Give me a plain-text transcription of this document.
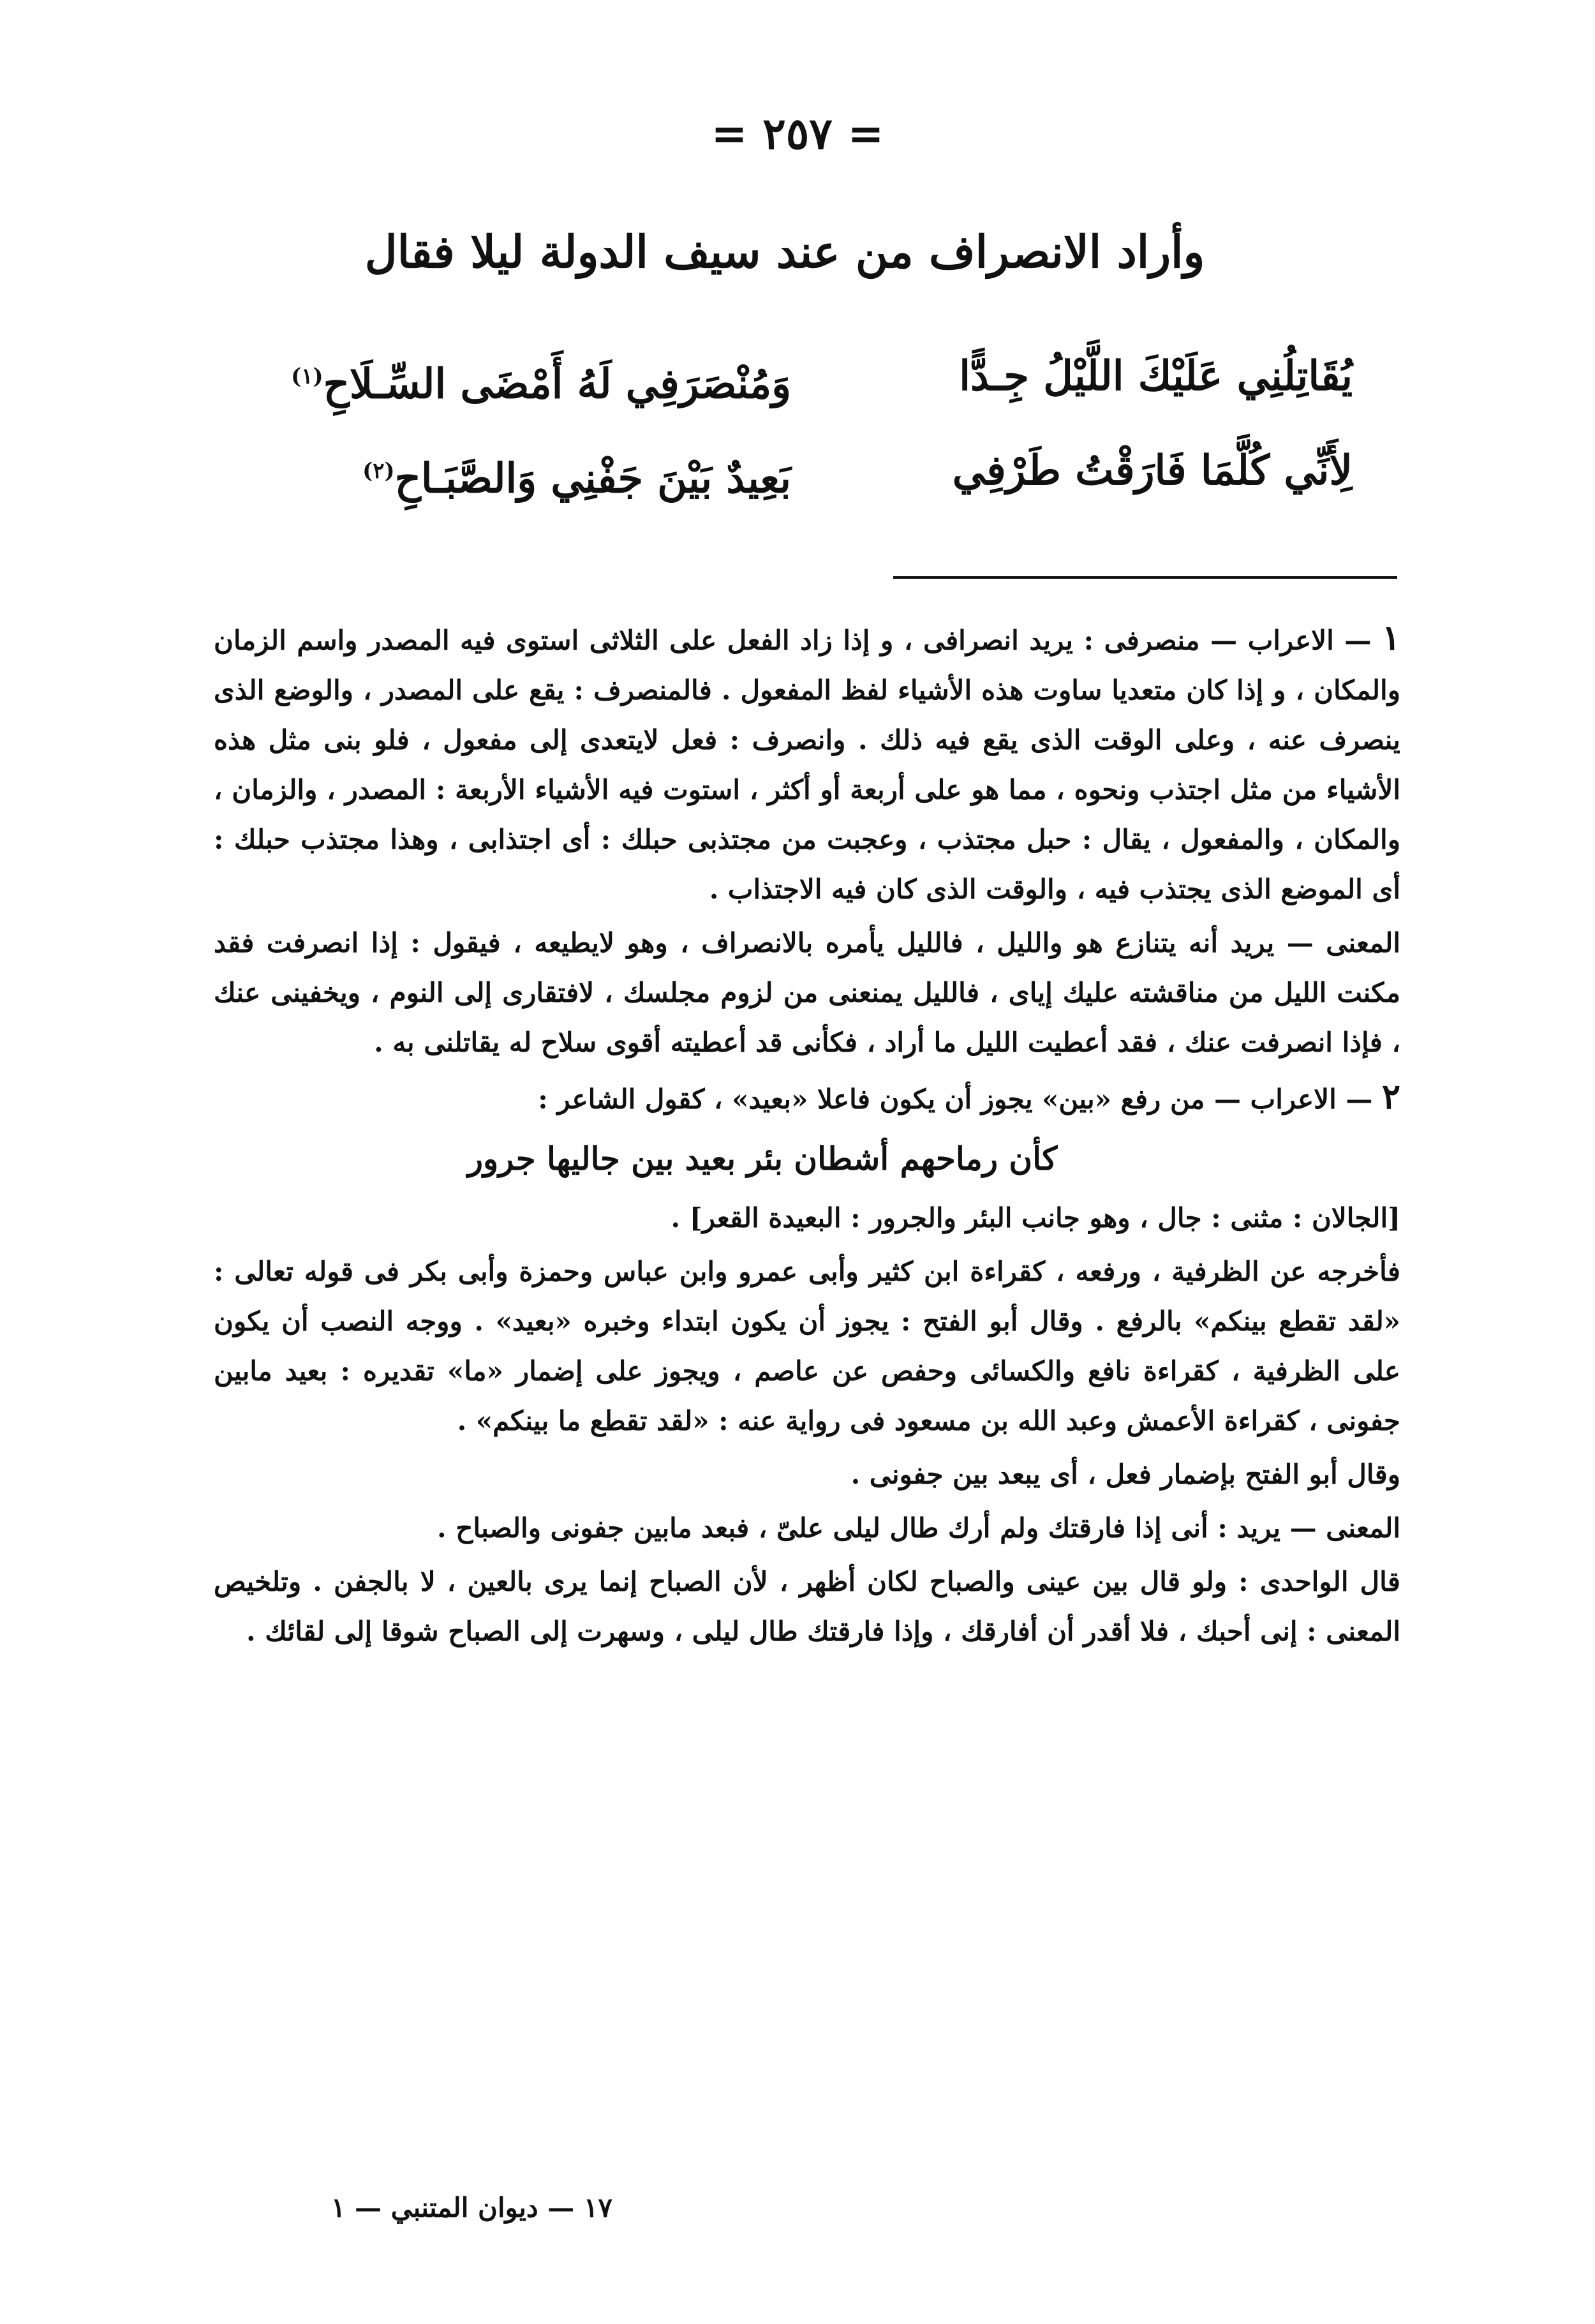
= ٢٥٧ =
وأراد الانصراف من عند سيف الدولة ليلا فقال
يُقَاتِلُنِي عَلَيْكَ اللَّيْلُ جِـدًّا
وَمُنْصَرَفِي لَهُ أَمْضَى السِّـلَاحِ$^{(١)}$
لِأَنِّي كُلَّمَا فَارَقْتُ طَرْفِي
بَعِيدٌ بَيْنَ جَفْنِي وَالصَّبَـاحِ$^{(٢)}$

١ — الاعراب — منصرفى : يريد انصرافى ، و إذا زاد الفعل على الثلاثى استوى فيه المصدر واسم الزمان والمكان ، و إذا كان متعديا ساوت هذه الأشياء لفظ المفعول . فالمنصرف : يقع على المصدر ، والوضع الذى ينصرف عنه ، وعلى الوقت الذى يقع فيه ذلك . وانصرف : فعل لايتعدى إلى مفعول ، فلو بنى مثل هذه الأشياء من مثل اجتذب ونحوه ، مما هو على أربعة أو أكثر ، استوت فيه الأشياء الأربعة : المصدر ، والزمان ، والمكان ، والمفعول ، يقال : حبل مجتذب ، وعجبت من مجتذبى حبلك : أى اجتذابى ، وهذا مجتذب حبلك : أى الموضع الذى يجتذب فيه ، والوقت الذى كان فيه الاجتذاب .

المعنى — يريد أنه يتنازع هو والليل ، فالليل يأمره بالانصراف ، وهو لايطيعه ، فيقول : إذا انصرفت فقد مكنت الليل من مناقشته عليك إياى ، فالليل يمنعنى من لزوم مجلسك ، لافتقارى إلى النوم ، ويخفينى عنك ، فإذا انصرفت عنك ، فقد أعطيت الليل ما أراد ، فكأنى قد أعطيته أقوى سلاح له يقاتلنى به .

٢ — الاعراب — من رفع «بين» يجوز أن يكون فاعلا «بعيد» ، كقول الشاعر :

كأن رماحهم أشطان بئر بعيد بين جاليها جرور

[الجالان : مثنى : جال ، وهو جانب البئر والجرور : البعيدة القعر] .

فأخرجه عن الظرفية ، ورفعه ، كقراءة ابن كثير وأبى عمرو وابن عباس وحمزة وأبى بكر فى قوله تعالى : «لقد تقطع بينكم» بالرفع . وقال أبو الفتح : يجوز أن يكون ابتداء وخبره «بعيد» . ووجه النصب أن يكون على الظرفية ، كقراءة نافع والكسائى وحفص عن عاصم ، ويجوز على إضمار «ما» تقديره : بعيد مابين جفونى ، كقراءة الأعمش وعبد الله بن مسعود فى رواية عنه : «لقد تقطع ما بينكم» .

وقال أبو الفتح بإضمار فعل ، أى يبعد بين جفونى .

المعنى — يريد : أنى إذا فارقتك ولم أرك طال ليلى علىّ ، فبعد مابين جفونى والصباح .

قال الواحدى : ولو قال بين عينى والصباح لكان أظهر ، لأن الصباح إنما يرى بالعين ، لا بالجفن . وتلخيص المعنى : إنى أحبك ، فلا أقدر أن أفارقك ، وإذا فارقتك طال ليلى ، وسهرت إلى الصباح شوقا إلى لقائك .

١٧ — ديوان المتنبي — ١
